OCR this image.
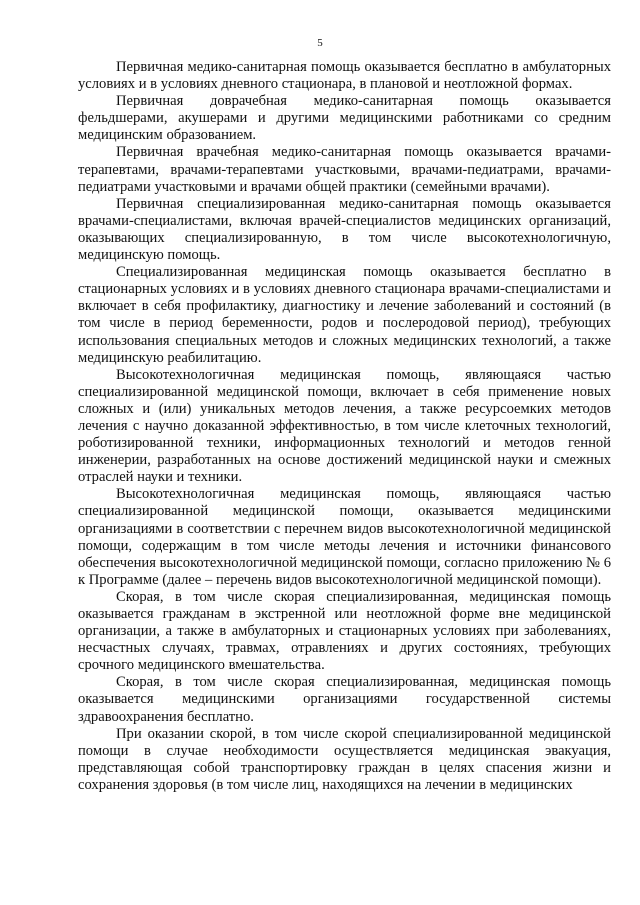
5

Первичная медико-санитарная помощь оказывается бесплатно в амбулаторных условиях и в условиях дневного стационара, в плановой и неотложной формах.

Первичная доврачебная медико-санитарная помощь оказывается фельдшерами, акушерами и другими медицинскими работниками со средним медицинским образованием.

Первичная врачебная медико-санитарная помощь оказывается врачами-терапевтами, врачами-терапевтами участковыми, врачами-педиатрами, врачами-педиатрами участковыми и врачами общей практики (семейными врачами).

Первичная специализированная медико-санитарная помощь оказывается врачами-специалистами, включая врачей-специалистов медицинских организаций, оказывающих специализированную, в том числе высокотехнологичную, медицинскую помощь.

Специализированная медицинская помощь оказывается бесплатно в стационарных условиях и в условиях дневного стационара врачами-специалистами и включает в себя профилактику, диагностику и лечение заболеваний и состояний (в том числе в период беременности, родов и послеродовой период), требующих использования специальных методов и сложных медицинских технологий, а также медицинскую реабилитацию.

Высокотехнологичная медицинская помощь, являющаяся частью специализированной медицинской помощи, включает в себя применение новых сложных и (или) уникальных методов лечения, а также ресурсоемких методов лечения с научно доказанной эффективностью, в том числе клеточных технологий, роботизированной техники, информационных технологий и методов генной инженерии, разработанных на основе достижений медицинской науки и смежных отраслей науки и техники.

Высокотехнологичная медицинская помощь, являющаяся частью специализированной медицинской помощи, оказывается медицинскими организациями в соответствии с перечнем видов высокотехнологичной медицинской помощи, содержащим в том числе методы лечения и источники финансового обеспечения высокотехнологичной медицинской помощи, согласно приложению № 6 к Программе (далее – перечень видов высокотехнологичной медицинской помощи).

Скорая, в том числе скорая специализированная, медицинская помощь оказывается гражданам в экстренной или неотложной форме вне медицинской организации, а также в амбулаторных и стационарных условиях при заболеваниях, несчастных случаях, травмах, отравлениях и других состояниях, требующих срочного медицинского вмешательства.

Скорая, в том числе скорая специализированная, медицинская помощь оказывается медицинскими организациями государственной системы здравоохранения бесплатно.

При оказании скорой, в том числе скорой специализированной медицинской помощи в случае необходимости осуществляется медицинская эвакуация, представляющая собой транспортировку граждан в целях спасения жизни и сохранения здоровья (в том числе лиц, находящихся на лечении в медицинских
